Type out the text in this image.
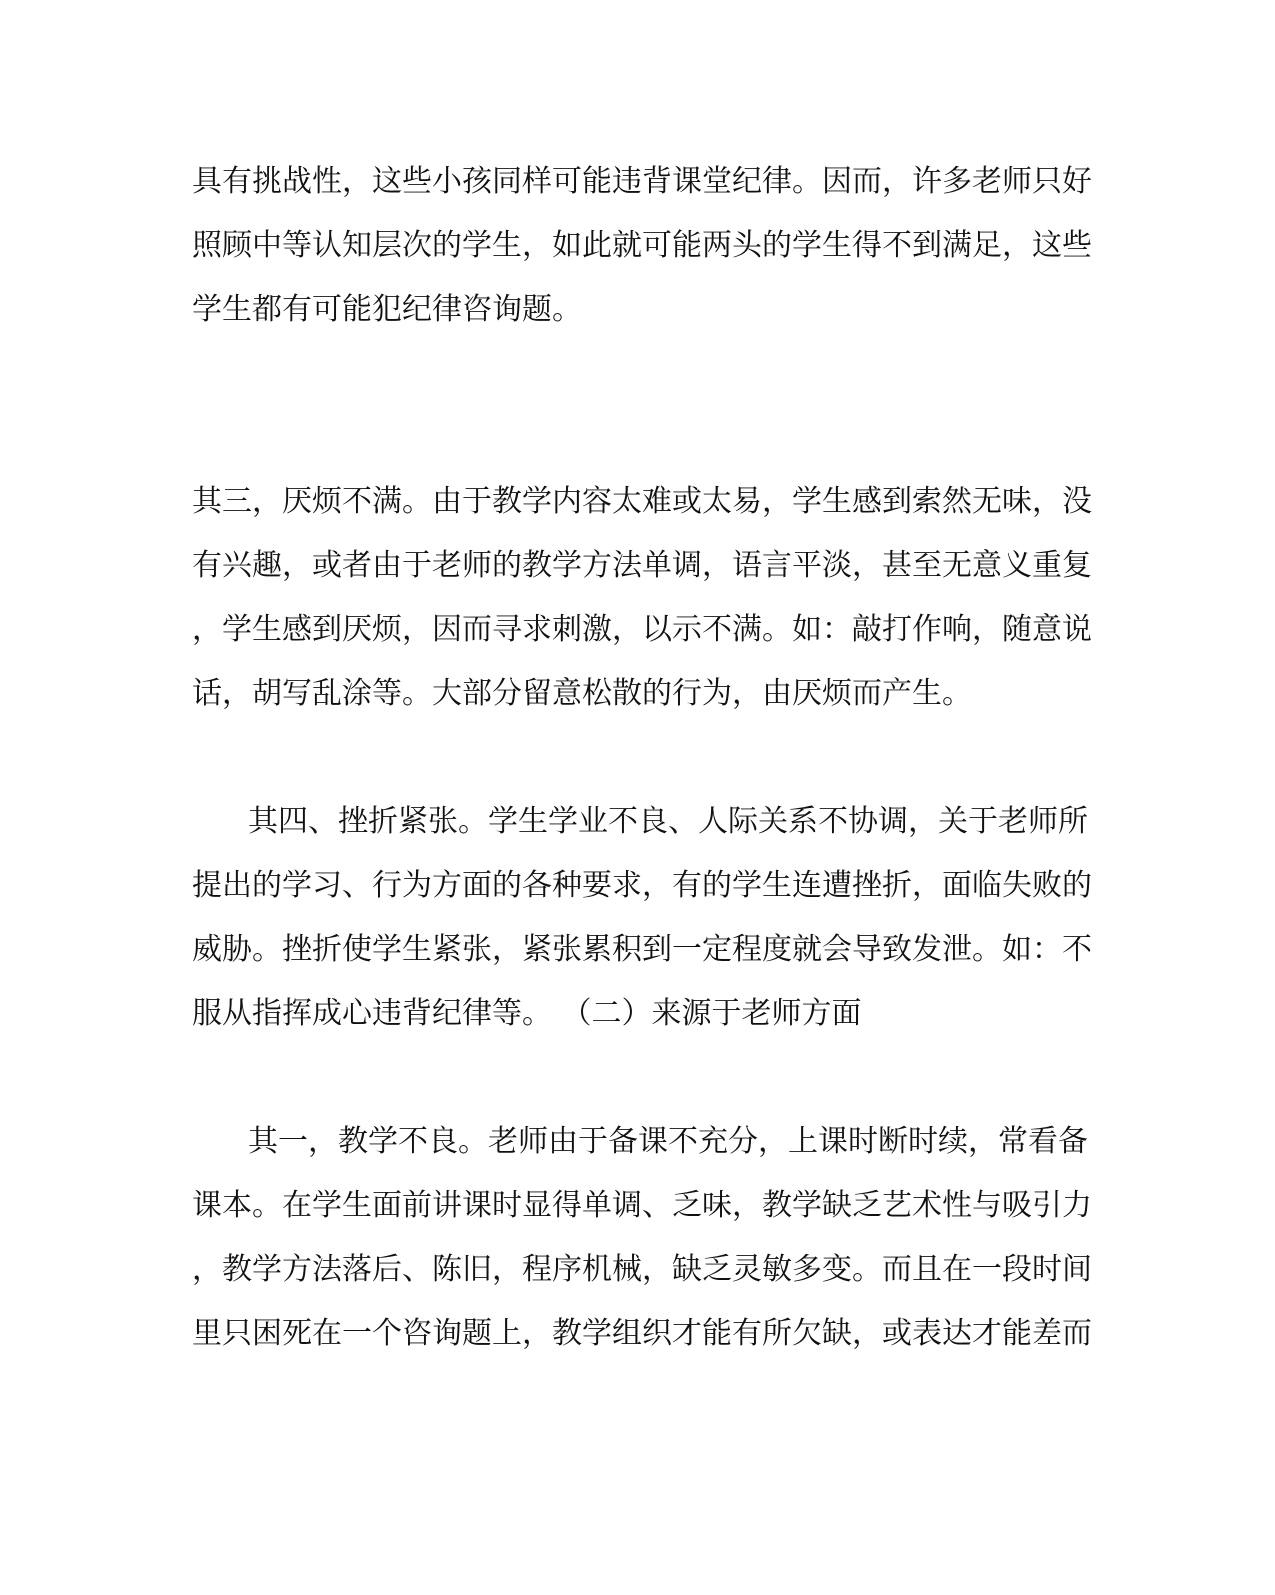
具有挑战性，这些小孩同样可能违背课堂纪律。因而，许多老师只好
照顾中等认知层次的学生，如此就可能两头的学生得不到满足，这些
学生都有可能犯纪律咨询题。
其三，厌烦不满。由于教学内容太难或太易，学生感到索然无味，没
有兴趣，或者由于老师的教学方法单调，语言平淡，甚至无意义重复
，学生感到厌烦，因而寻求刺激，以示不满。如：敲打作响，随意说
话，胡写乱涂等。大部分留意松散的行为，由厌烦而产生。
其四、挫折紧张。学生学业不良、人际关系不协调，关于老师所
提出的学习、行为方面的各种要求，有的学生连遭挫折，面临失败的
威胁。挫折使学生紧张，紧张累积到一定程度就会导致发泄。如：不
服从指挥成心违背纪律等。 （二）来源于老师方面
其一，教学不良。老师由于备课不充分，上课时断时续，常看备
课本。在学生面前讲课时显得单调、乏味，教学缺乏艺术性与吸引力
，教学方法落后、陈旧，程序机械，缺乏灵敏多变。而且在一段时间
里只困死在一个咨询题上，教学组织才能有所欠缺，或表达才能差而
